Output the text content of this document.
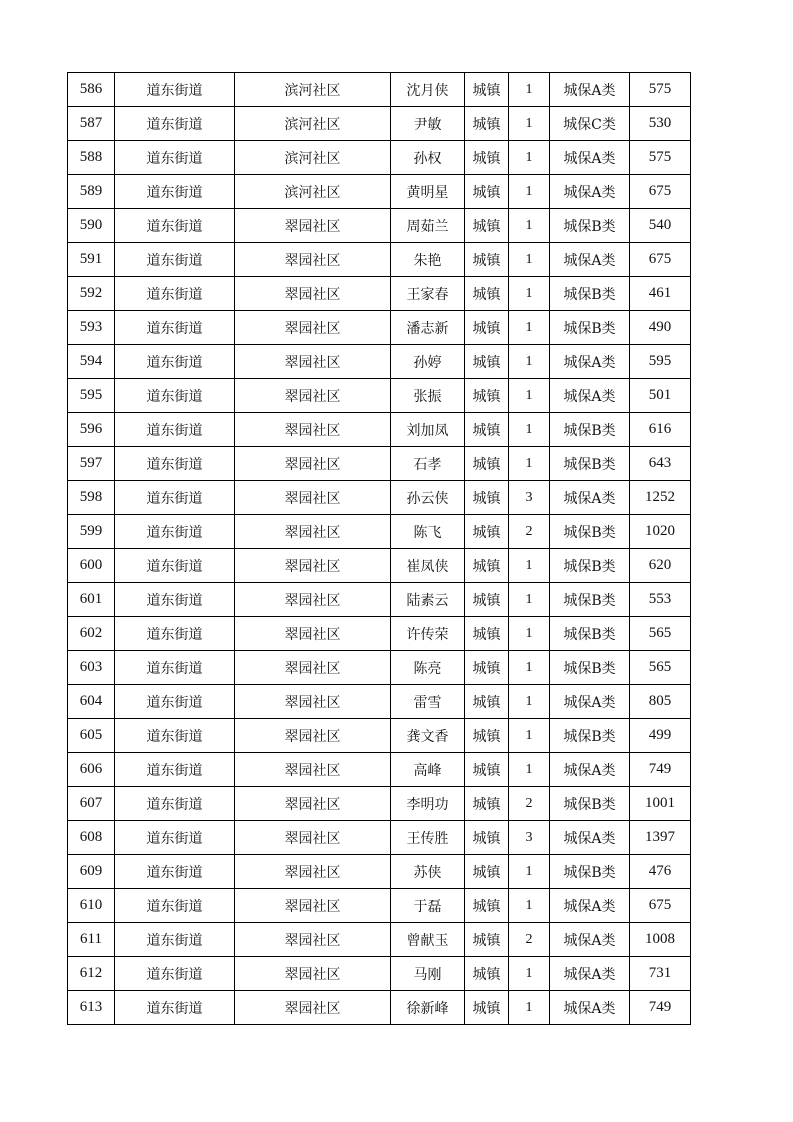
586	道东街道	滨河社区	沈月侠	城镇	1	城保A类	575
587	道东街道	滨河社区	尹敏	城镇	1	城保C类	530
588	道东街道	滨河社区	孙权	城镇	1	城保A类	575
589	道东街道	滨河社区	黄明星	城镇	1	城保A类	675
590	道东街道	翠园社区	周茹兰	城镇	1	城保B类	540
591	道东街道	翠园社区	朱艳	城镇	1	城保A类	675
592	道东街道	翠园社区	王家春	城镇	1	城保B类	461
593	道东街道	翠园社区	潘志新	城镇	1	城保B类	490
594	道东街道	翠园社区	孙婷	城镇	1	城保A类	595
595	道东街道	翠园社区	张振	城镇	1	城保A类	501
596	道东街道	翠园社区	刘加凤	城镇	1	城保B类	616
597	道东街道	翠园社区	石孝	城镇	1	城保B类	643
598	道东街道	翠园社区	孙云侠	城镇	3	城保A类	1252
599	道东街道	翠园社区	陈飞	城镇	2	城保B类	1020
600	道东街道	翠园社区	崔凤侠	城镇	1	城保B类	620
601	道东街道	翠园社区	陆素云	城镇	1	城保B类	553
602	道东街道	翠园社区	许传荣	城镇	1	城保B类	565
603	道东街道	翠园社区	陈亮	城镇	1	城保B类	565
604	道东街道	翠园社区	雷雪	城镇	1	城保A类	805
605	道东街道	翠园社区	龚文香	城镇	1	城保B类	499
606	道东街道	翠园社区	高峰	城镇	1	城保A类	749
607	道东街道	翠园社区	李明功	城镇	2	城保B类	1001
608	道东街道	翠园社区	王传胜	城镇	3	城保A类	1397
609	道东街道	翠园社区	苏侠	城镇	1	城保B类	476
610	道东街道	翠园社区	于磊	城镇	1	城保A类	675
611	道东街道	翠园社区	曾献玉	城镇	2	城保A类	1008
612	道东街道	翠园社区	马刚	城镇	1	城保A类	731
613	道东街道	翠园社区	徐新峰	城镇	1	城保A类	749
